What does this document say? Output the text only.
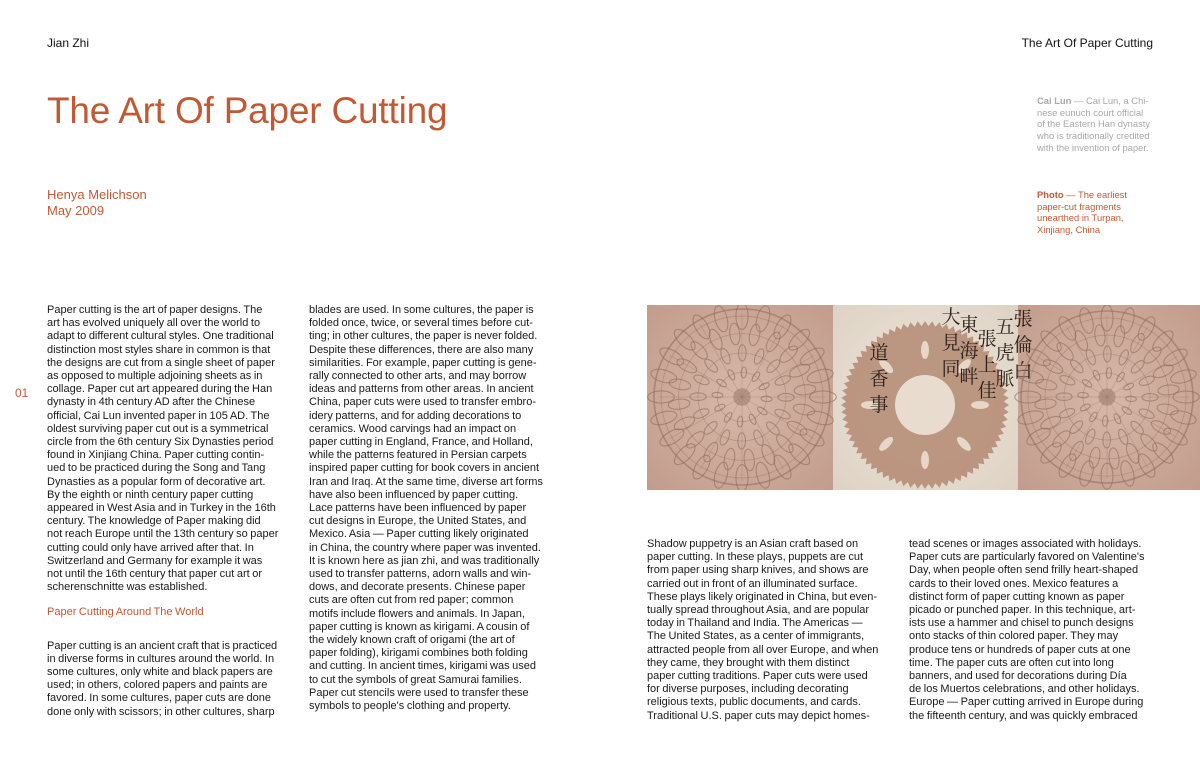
Jian Zhi	The Art Of Paper Cutting
The Art Of Paper Cutting
Henya Melichson
May 2009
01
Cai Lun — Cai Lun, a Chi-
nese eunuch court official
of the Eastern Han dynasty
who is traditionally credited
with the invention of paper.
Photo — The earliest
paper-cut fragments
unearthed in Turpan,
Xinjiang, China

Paper cutting is the art of paper designs. The
art has evolved uniquely all over the world to
adapt to different cultural styles. One traditional
distinction most styles share in common is that
the designs are cut from a single sheet of paper
as opposed to multiple adjoining sheets as in
collage. Paper cut art appeared during the Han
dynasty in 4th century AD after the Chinese
official, Cai Lun invented paper in 105 AD. The
oldest surviving paper cut out is a symmetrical
circle from the 6th century Six Dynasties period
found in Xinjiang China. Paper cutting contin-
ued to be practiced during the Song and Tang
Dynasties as a popular form of decorative art.
By the eighth or ninth century paper cutting
appeared in West Asia and in Turkey in the 16th
century. The knowledge of Paper making did
not reach Europe until the 13th century so paper
cutting could only have arrived after that. In
Switzerland and Germany for example it was
not until the 16th century that paper cut art or
scherenschnitte was established.

Paper Cutting Around The World

Paper cutting is an ancient craft that is practiced
in diverse forms in cultures around the world. In
some cultures, only white and black papers are
used; in others, colored papers and paints are
favored. In some cultures, paper cuts are done
done only with scissors; in other cultures, sharp

blades are used. In some cultures, the paper is
folded once, twice, or several times before cut-
ting; in other cultures, the paper is never folded.
Despite these differences, there are also many
similarities. For example, paper cutting is gene-
rally connected to other arts, and may borrow
ideas and patterns from other areas. In ancient
China, paper cuts were used to transfer embro-
idery patterns, and for adding decorations to
ceramics. Wood carvings had an impact on
paper cutting in England, France, and Holland,
while the patterns featured in Persian carpets
inspired paper cutting for book covers in ancient
Iran and Iraq. At the same time, diverse art forms
have also been influenced by paper cutting.
Lace patterns have been influenced by paper
cut designs in Europe, the United States, and
Mexico. Asia — Paper cutting likely originated
in China, the country where paper was invented.
It is known here as jian zhi, and was traditionally
used to transfer patterns, adorn walls and win-
dows, and decorate presents. Chinese paper
cuts are often cut from red paper; common
motifs include flowers and animals. In Japan,
paper cutting is known as kirigami. A cousin of
the widely known craft of origami (the art of
paper folding), kirigami combines both folding
and cutting. In ancient times, kirigami was used
to cut the symbols of great Samurai families.
Paper cut stencils were used to transfer these
symbols to people's clothing and property.

Shadow puppetry is an Asian craft based on
paper cutting. In these plays, puppets are cut
from paper using sharp knives, and shows are
carried out in front of an illuminated surface.
These plays likely originated in China, but even-
tually spread throughout Asia, and are popular
today in Thailand and India. The Americas —
The United States, as a center of immigrants,
attracted people from all over Europe, and when
they came, they brought with them distinct
paper cutting traditions. Paper cuts were used
for diverse purposes, including decorating
religious texts, public documents, and cards.
Traditional U.S. paper cuts may depict homes-

tead scenes or images associated with holidays.
Paper cuts are particularly favored on Valentine's
Day, when people often send frilly heart-shaped
cards to their loved ones. Mexico features a
distinct form of paper cutting known as paper
picado or punched paper. In this technique, art-
ists use a hammer and chisel to punch designs
onto stacks of thin colored paper. They may
produce tens or hundreds of paper cuts at one
time. The paper cuts are often cut into long
banners, and used for decorations during Día
de los Muertos celebrations, and other holidays.
Europe — Paper cutting arrived in Europe during
the fifteenth century, and was quickly embraced

張
倫
白
五
虎
脈
張
上
佳
東
海
畔
大
見
同
道
香
事
